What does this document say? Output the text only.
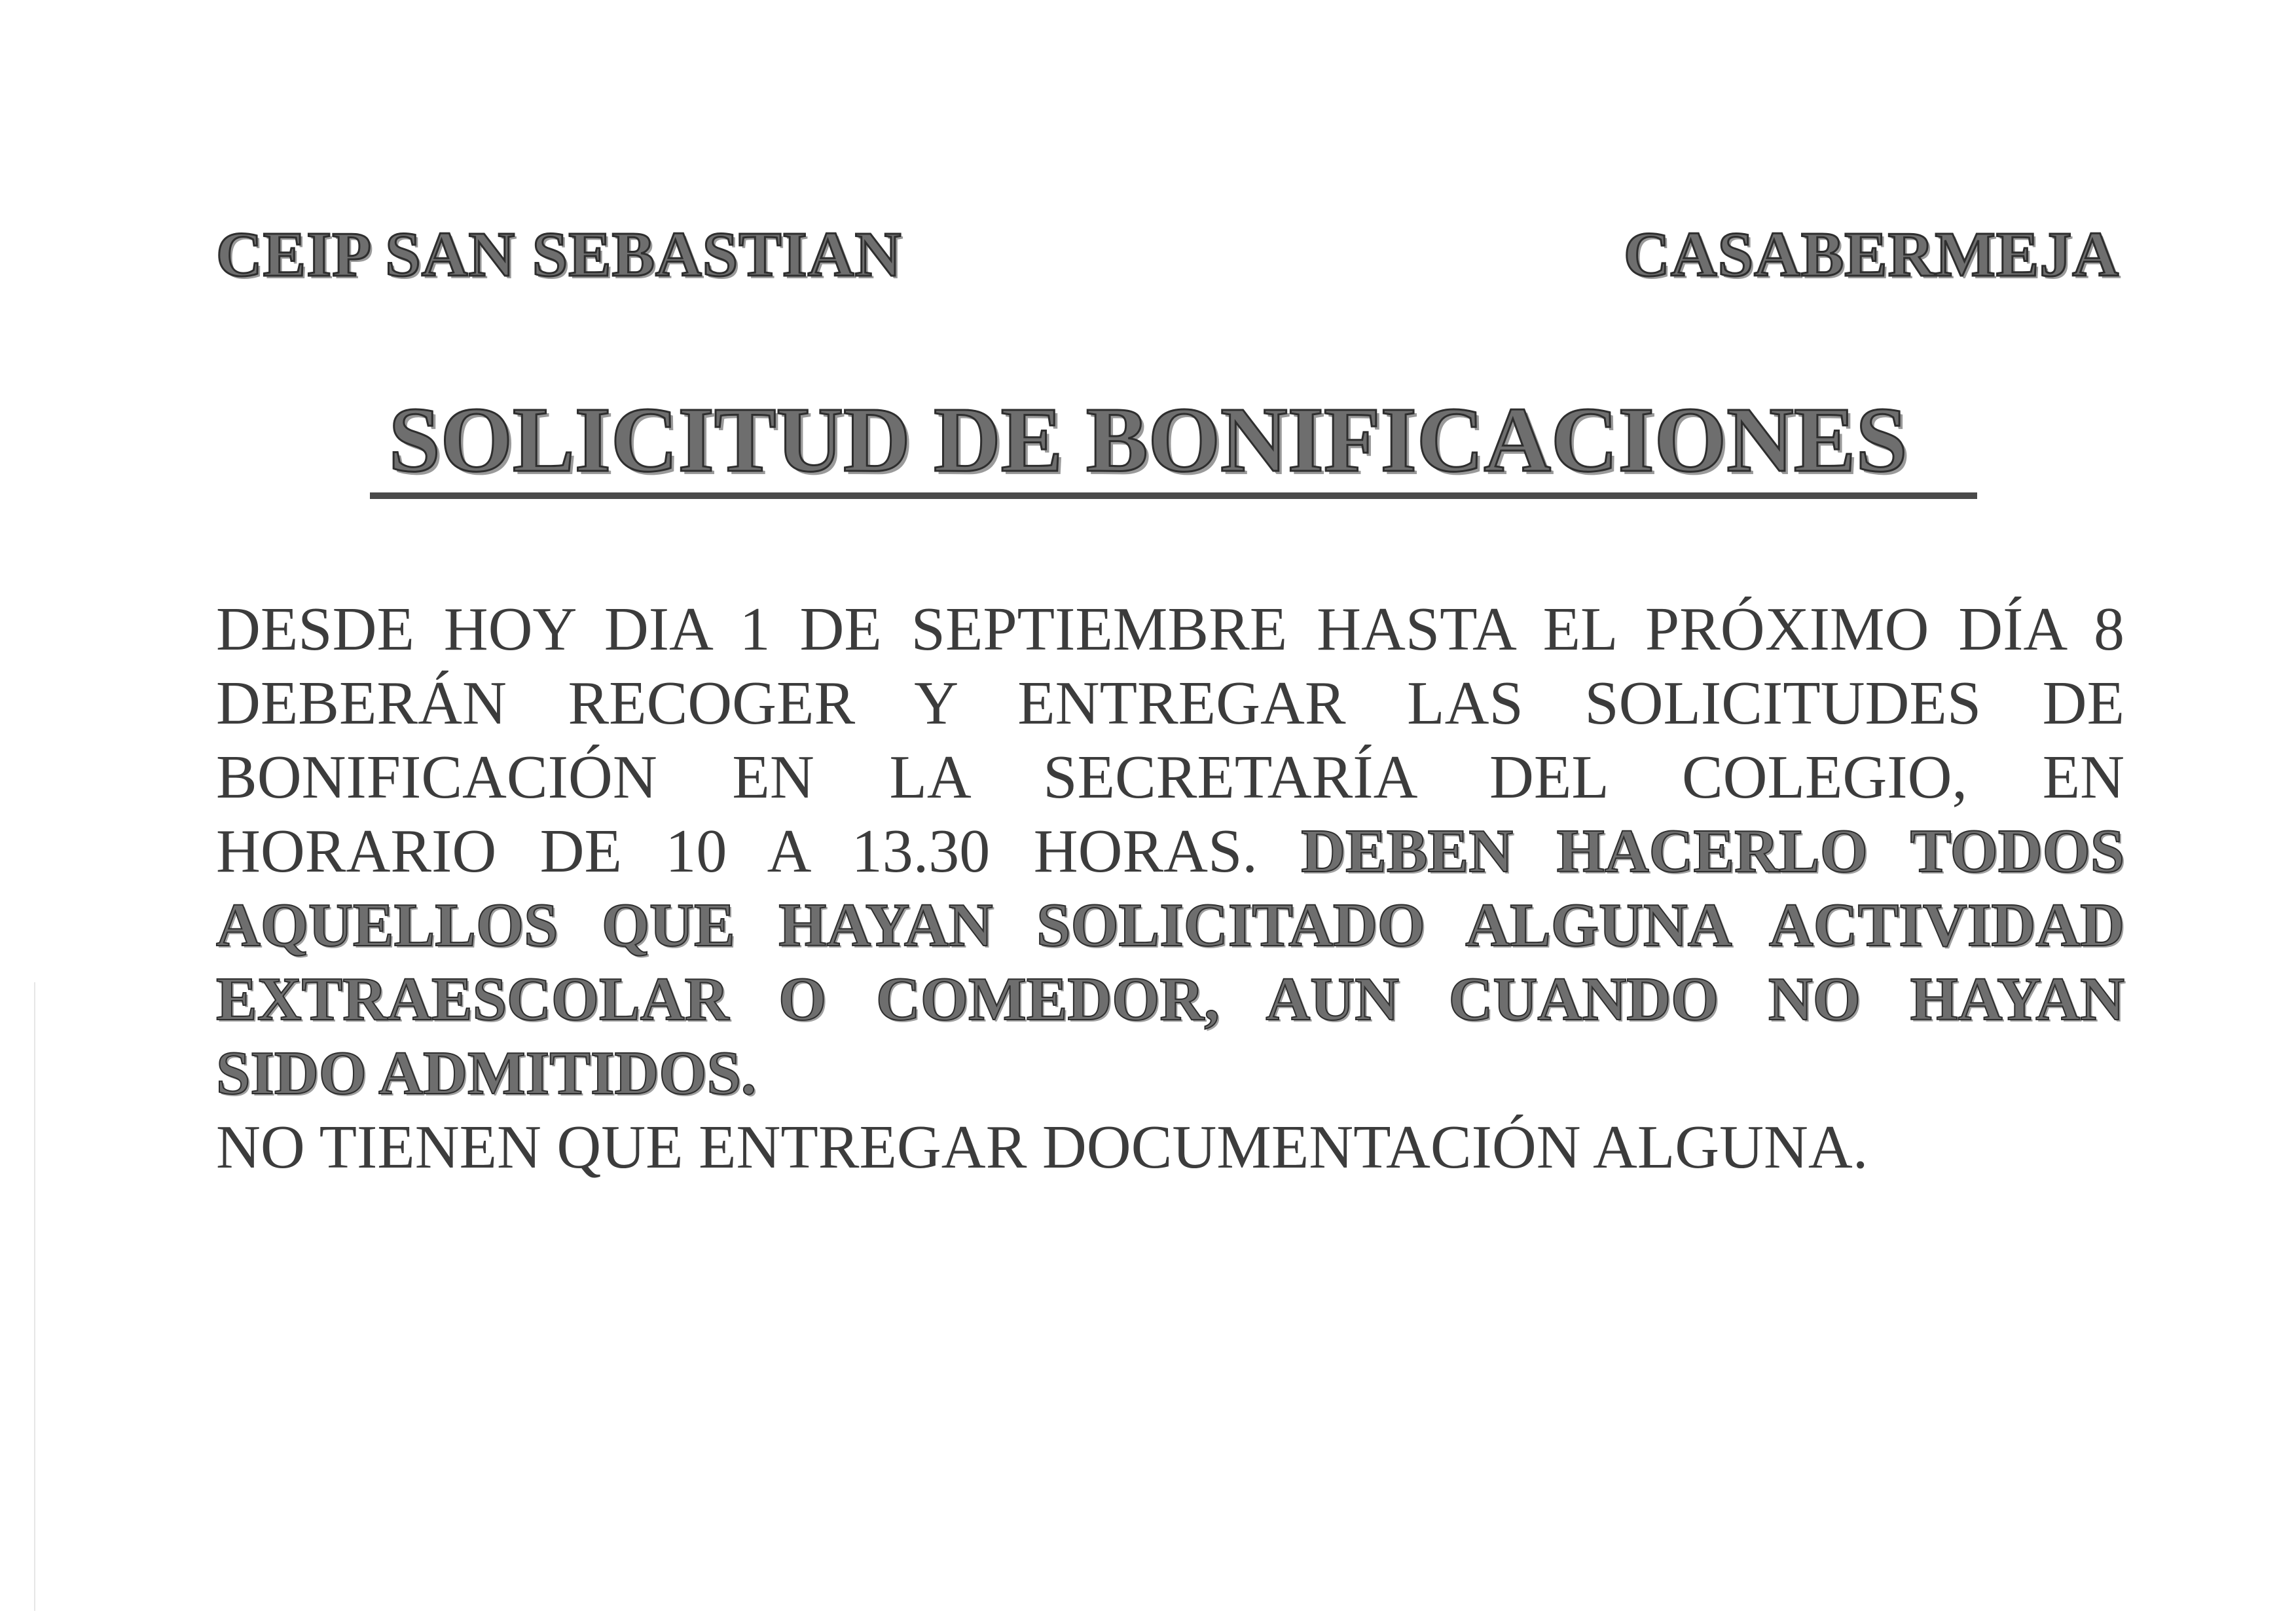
CEIP SAN SEBASTIAN	CASABERMEJA
SOLICITUD DE BONIFICACIONES
DESDE HOY DIA 1 DE SEPTIEMBRE HASTA EL PRÓXIMO DÍA 8
DEBERÁN RECOGER Y ENTREGAR LAS SOLICITUDES DE
BONIFICACIÓN EN LA SECRETARÍA DEL COLEGIO, EN
HORARIO DE 10 A 13.30 HORAS. DEBEN HACERLO TODOS
AQUELLOS QUE HAYAN SOLICITADO ALGUNA ACTIVIDAD
EXTRAESCOLAR O COMEDOR, AUN CUANDO NO HAYAN
SIDO ADMITIDOS.
NO TIENEN QUE ENTREGAR DOCUMENTACIÓN ALGUNA.
